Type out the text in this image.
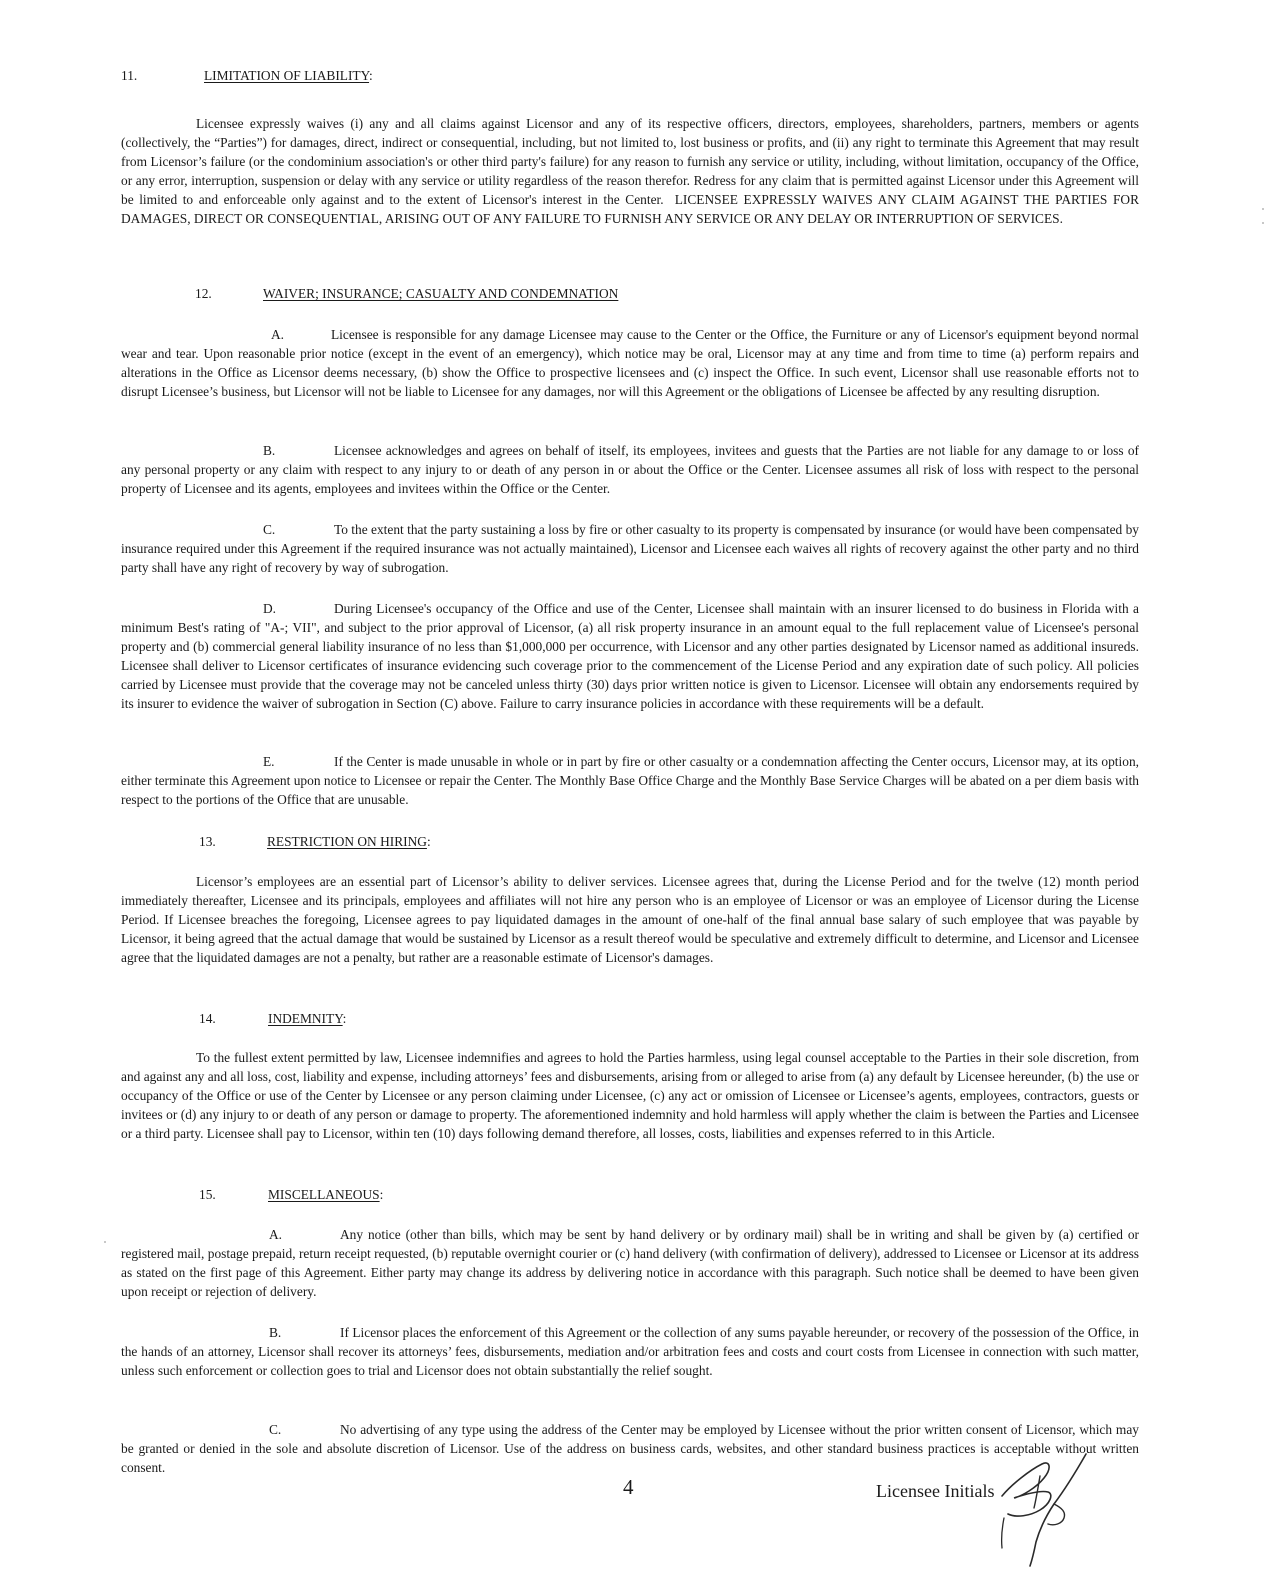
11.	LIMITATION OF LIABILITY:

Licensee expressly waives (i) any and all claims against Licensor and any of its respective officers, directors, employees, shareholders, partners, members or agents (collectively, the “Parties”) for damages, direct, indirect or consequential, including, but not limited to, lost business or profits, and (ii) any right to terminate this Agreement that may result from Licensor’s failure (or the condominium association's or other third party's failure) for any reason to furnish any service or utility, including, without limitation, occupancy of the Office, or any error, interruption, suspension or delay with any service or utility regardless of the reason therefor. Redress for any claim that is permitted against Licensor under this Agreement will be limited to and enforceable only against and to the extent of Licensor's interest in the Center. LICENSEE EXPRESSLY WAIVES ANY CLAIM AGAINST THE PARTIES FOR DAMAGES, DIRECT OR CONSEQUENTIAL, ARISING OUT OF ANY FAILURE TO FURNISH ANY SERVICE OR ANY DELAY OR INTERRUPTION OF SERVICES.

12.	WAIVER; INSURANCE; CASUALTY AND CONDEMNATION

A.	Licensee is responsible for any damage Licensee may cause to the Center or the Office, the Furniture or any of Licensor's equipment beyond normal wear and tear. Upon reasonable prior notice (except in the event of an emergency), which notice may be oral, Licensor may at any time and from time to time (a) perform repairs and alterations in the Office as Licensor deems necessary, (b) show the Office to prospective licensees and (c) inspect the Office. In such event, Licensor shall use reasonable efforts not to disrupt Licensee’s business, but Licensor will not be liable to Licensee for any damages, nor will this Agreement or the obligations of Licensee be affected by any resulting disruption.

B.	Licensee acknowledges and agrees on behalf of itself, its employees, invitees and guests that the Parties are not liable for any damage to or loss of any personal property or any claim with respect to any injury to or death of any person in or about the Office or the Center. Licensee assumes all risk of loss with respect to the personal property of Licensee and its agents, employees and invitees within the Office or the Center.

C.	To the extent that the party sustaining a loss by fire or other casualty to its property is compensated by insurance (or would have been compensated by insurance required under this Agreement if the required insurance was not actually maintained), Licensor and Licensee each waives all rights of recovery against the other party and no third party shall have any right of recovery by way of subrogation.

D.	During Licensee's occupancy of the Office and use of the Center, Licensee shall maintain with an insurer licensed to do business in Florida with a minimum Best's rating of "A-; VII", and subject to the prior approval of Licensor, (a) all risk property insurance in an amount equal to the full replacement value of Licensee's personal property and (b) commercial general liability insurance of no less than $1,000,000 per occurrence, with Licensor and any other parties designated by Licensor named as additional insureds. Licensee shall deliver to Licensor certificates of insurance evidencing such coverage prior to the commencement of the License Period and any expiration date of such policy. All policies carried by Licensee must provide that the coverage may not be canceled unless thirty (30) days prior written notice is given to Licensor. Licensee will obtain any endorsements required by its insurer to evidence the waiver of subrogation in Section (C) above. Failure to carry insurance policies in accordance with these requirements will be a default.

E.	If the Center is made unusable in whole or in part by fire or other casualty or a condemnation affecting the Center occurs, Licensor may, at its option, either terminate this Agreement upon notice to Licensee or repair the Center. The Monthly Base Office Charge and the Monthly Base Service Charges will be abated on a per diem basis with respect to the portions of the Office that are unusable.

13.	RESTRICTION ON HIRING:

Licensor’s employees are an essential part of Licensor’s ability to deliver services. Licensee agrees that, during the License Period and for the twelve (12) month period immediately thereafter, Licensee and its principals, employees and affiliates will not hire any person who is an employee of Licensor or was an employee of Licensor during the License Period. If Licensee breaches the foregoing, Licensee agrees to pay liquidated damages in the amount of one-half of the final annual base salary of such employee that was payable by Licensor, it being agreed that the actual damage that would be sustained by Licensor as a result thereof would be speculative and extremely difficult to determine, and Licensor and Licensee agree that the liquidated damages are not a penalty, but rather are a reasonable estimate of Licensor's damages.

14.	INDEMNITY:

To the fullest extent permitted by law, Licensee indemnifies and agrees to hold the Parties harmless, using legal counsel acceptable to the Parties in their sole discretion, from and against any and all loss, cost, liability and expense, including attorneys’ fees and disbursements, arising from or alleged to arise from (a) any default by Licensee hereunder, (b) the use or occupancy of the Office or use of the Center by Licensee or any person claiming under Licensee, (c) any act or omission of Licensee or Licensee’s agents, employees, contractors, guests or invitees or (d) any injury to or death of any person or damage to property. The aforementioned indemnity and hold harmless will apply whether the claim is between the Parties and Licensee or a third party. Licensee shall pay to Licensor, within ten (10) days following demand therefore, all losses, costs, liabilities and expenses referred to in this Article.

15.	MISCELLANEOUS:

A.	Any notice (other than bills, which may be sent by hand delivery or by ordinary mail) shall be in writing and shall be given by (a) certified or registered mail, postage prepaid, return receipt requested, (b) reputable overnight courier or (c) hand delivery (with confirmation of delivery), addressed to Licensee or Licensor at its address as stated on the first page of this Agreement. Either party may change its address by delivering notice in accordance with this paragraph. Such notice shall be deemed to have been given upon receipt or rejection of delivery.

B.	If Licensor places the enforcement of this Agreement or the collection of any sums payable hereunder, or recovery of the possession of the Office, in the hands of an attorney, Licensor shall recover its attorneys’ fees, disbursements, mediation and/or arbitration fees and costs and court costs from Licensee in connection with such matter, unless such enforcement or collection goes to trial and Licensor does not obtain substantially the relief sought.

C.	No advertising of any type using the address of the Center may be employed by Licensee without the prior written consent of Licensor, which may be granted or denied in the sole and absolute discretion of Licensor. Use of the address on business cards, websites, and other standard business practices is acceptable without written consent.

4	Licensee Initials
